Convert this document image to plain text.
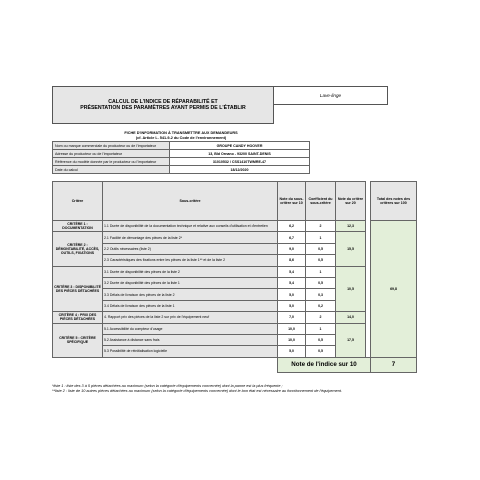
CALCUL DE L'INDICE DE RÉPARABILITÉ ET
PRÉSENTATION DES PARAMÈTRES AYANT PERMIS DE L'ÉTABLIR
Lave-linge
FICHE D'INFORMATION À TRANSMETTRE AUX DEMANDEURS	
(cf. Article L. 541-9-2 du Code de l'environnement)	
Nom ou marque commerciale du producteur ou de l'importateur	GROUPE CANDY HOOVER
Adresse du producteur ou de l'importateur	13, Bld Ornano - 93200 SAINT-DENIS
Référence du modèle donnée par le producteur ou l'importateur	31010532 / CSS1410TWMRE-47
Date du calcul	18/12/2020
Critère	Sous-critère	Note du sous-critère sur 10	Coefficient du sous-critère	Note du critère sur 20		Total des notes des critères sur 100
CRITÈRE 1 : DOCUMENTATION	1.1 Durée de disponibilité de la documentation technique et relative aux conseils d'utilisation et d'entretien	6,2	2	12,3		69,8
CRITÈRE 2 : DÉMONTABILITÉ, ACCÈS, OUTILS, FIXATIONS	2.1 Facilité de démontage des pièces de la liste 2*	6,7	1	15,5		
	2.2 Outils nécessaires (liste 2)	9,0	0,5			
	2.3 Caractéristiques des fixations entre les pièces de la liste 1** et de la liste 2	8,6	0,5			
CRITÈRE 3 : DISPONIBILITÉ DES PIÈCES DÉTACHÉES	3.1 Durée de disponibilité des pièces de la liste 2	5,4	1	10,5		
	3.2 Durée de disponibilité des pièces de la liste 1	5,4	0,5			
	3.3 Délais de livraison des pièces de la liste 2	5,0	0,3			
	3.4 Délais de livraison des pièces de la liste 1	5,0	0,2			
CRITÈRE 4 : PRIX DES PIÈCES DÉTACHÉES	4. Rapport prix des pièces de la liste 2 sur prix de l'équipement neuf	7,0	2	14,0		
CRITÈRE 5 : CRITÈRE SPÉCIFIQUE	5.1 Accessibilité du compteur d'usage	10,0	1	17,5		
	5.2 Assistance à distance sans frais	10,0	0,5			
	5.3 Possibilité de réinitialisation logicielle	5,0	0,5			
		Note de l'indice sur 10				7
*liste 1 : liste des 3 à 5 pièces détachées au maximum (selon la catégorie d'équipements concernée) dont la panne est la plus fréquente ;
**liste 2 : liste de 10 autres pièces détachées au maximum (selon la catégorie d'équipements concernée) dont le bon état est nécessaire au fonctionnement de l'équipement.
